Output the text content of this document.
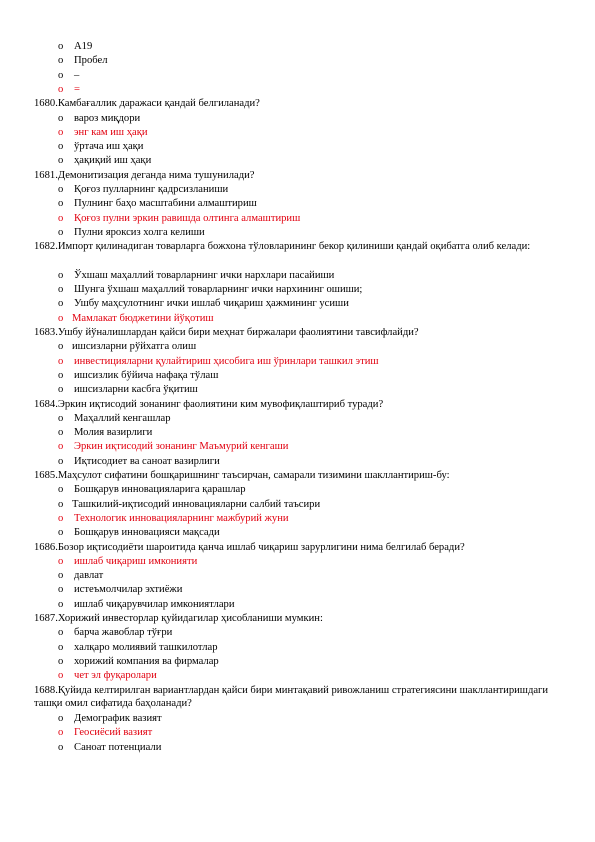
o A19
o Пробел
o –
o =
1680.Камбағаллик даражаси қандай белгиланади?
o вароз миқдори
o энг кам иш ҳақи
o ўртача иш ҳақи
o ҳақиқий иш ҳақи
1681.Демонитизация деганда нима тушунилади?
o Қоғоз пулларнинг қадрсизланиши
o Пулнинг баҳо масштабини алмаштириш
o Қоғоз пулни эркин равишда олтинга алмаштириш
o Пулни яроксиз холга келиши
1682.Импорт қилинадиган товарларга божхона тўловларининг бекор қилиниши қандай оқибатга олиб келади:
o Ўхшаш маҳаллий товарларнинг ички нархлари пасайиши
o Шунга ўхшаш маҳаллий товарларнинг ички нархининг ошиши;
o Ушбу маҳсулотнинг ички ишлаб чиқариш ҳажмининг усиши
o Мамлакат бюджетини йўқотиш
1683.Ушбу йўналишлардан қайси бири меҳнат биржалари фаолиятини тавсифлайди?
o ишсизларни рўйхатга олиш
o инвестицияларни қулайтириш ҳисобига иш ўринлари ташкил этиш
o ишсизлик бўйича нафақа тўлаш
o ишсизларни касбга ўқитиш
1684.Эркин иқтисодий зонанинг фаолиятини ким мувофиқлаштириб туради?
o Маҳаллий кенгашлар
o Молия вазирлиги
o Эркин иқтисодий зонанинг Маъмурий кенгаши
o Иқтисодиет ва саноат вазирлиги
1685.Маҳсулот сифатини бошқаришнинг таъсирчан, самарали тизимини шакллантириш-бу:
o Бошқарув инновацияларига қарашлар
o Ташкилий-иқтисодий инновацияларни салбий таъсири
o Технологик инновацияларнинг мажбурий жуни
o Бошқарув инновацияси мақсади
1686.Бозор иқтисодиёти шароитида қанча ишлаб чиқариш зарурлигини нима белгилаб беради?
o ишлаб чиқариш имконияти
o давлат
o истеъмолчилар эхтиёжи
o ишлаб чиқарувчилар имкониятлари
1687.Хорижий инвесторлар қуйидагилар ҳисобланиши мумкин:
o барча жавоблар тўғри
o халқаро молиявий ташкилотлар
o хорижий компания ва фирмалар
o чет эл фуқаролари
1688.Қуйида келтирилган вариантлардан қайси бири минтақавий ривожланиш стратегиясини шакллантиришдаги ташқи омил сифатида баҳоланади?
o Демографик вазият
o Геосиёсий вазият
o Саноат потенциали
